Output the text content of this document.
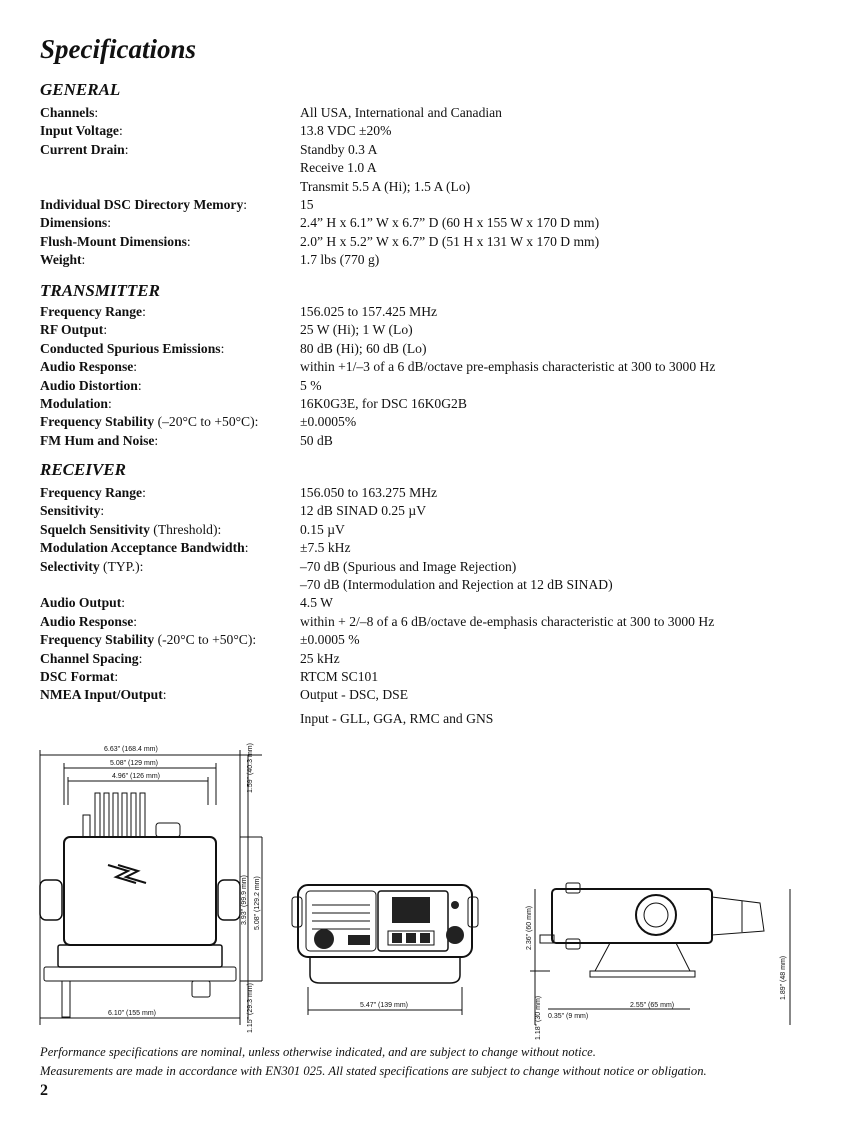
Specifications
GENERAL
Channels:	All USA, International and Canadian
Input Voltage:	13.8 VDC ±20%
Current Drain:	Standby 0.3 A
Receive 1.0 A
Transmit 5.5 A (Hi); 1.5 A (Lo)
Individual DSC Directory Memory:	15
Dimensions:	2.4” H x 6.1” W x 6.7” D (60 H x 155 W x 170 D mm)
Flush-Mount Dimensions:	2.0” H x 5.2” W x 6.7” D (51 H x 131 W x 170 D mm)
Weight:	1.7 lbs (770 g)
TRANSMITTER
Frequency Range:	156.025 to 157.425 MHz
RF Output:	25 W (Hi); 1 W (Lo)
Conducted Spurious Emissions:	80 dB (Hi); 60 dB (Lo)
Audio Response:	within +1/–3 of a 6 dB/octave pre-emphasis characteristic at 300 to 3000 Hz
Audio Distortion:	5 %
Modulation:	16K0G3E, for DSC 16K0G2B
Frequency Stability (–20°C to +50°C):	±0.0005%
FM Hum and Noise:	50 dB
RECEIVER
Frequency Range:	156.050 to 163.275 MHz
Sensitivity:	12 dB SINAD 0.25 µV
Squelch Sensitivity (Threshold):	0.15 µV
Modulation Acceptance Bandwidth:	±7.5 kHz
Selectivity (TYP.):	–70 dB (Spurious and Image Rejection)
–70 dB (Intermodulation and Rejection at 12 dB SINAD)
Audio Output:	4.5 W
Audio Response:	within + 2/–8 of a 6 dB/octave de-emphasis characteristic at 300 to 3000 Hz
Frequency Stability (-20°C to +50°C):	±0.0005 %
Channel Spacing:	25 kHz
DSC Format:	RTCM SC101
NMEA Input/Output:	Output - DSC, DSE
Input - GLL, GGA, RMC and GNS
6.63" (168.4 mm)
5.08" (129 mm)
4.96" (126 mm)
6.10" (155 mm)
1.59" (40.3 mm)
3.93" (99.9 mm) 5.08" (129.2 mm)
1.15" (29.3 mm)	5.47" (139 mm)
2.36" (60 mm)
1.89" (48 mm)
1.18" (30 mm) 0.35" (9 mm)
2.55" (65 mm)
Performance specifications are nominal, unless otherwise indicated, and are subject to change without notice.
Measurements are made in accordance with EN301 025. All stated specifications are subject to change without notice or obligation.
2
